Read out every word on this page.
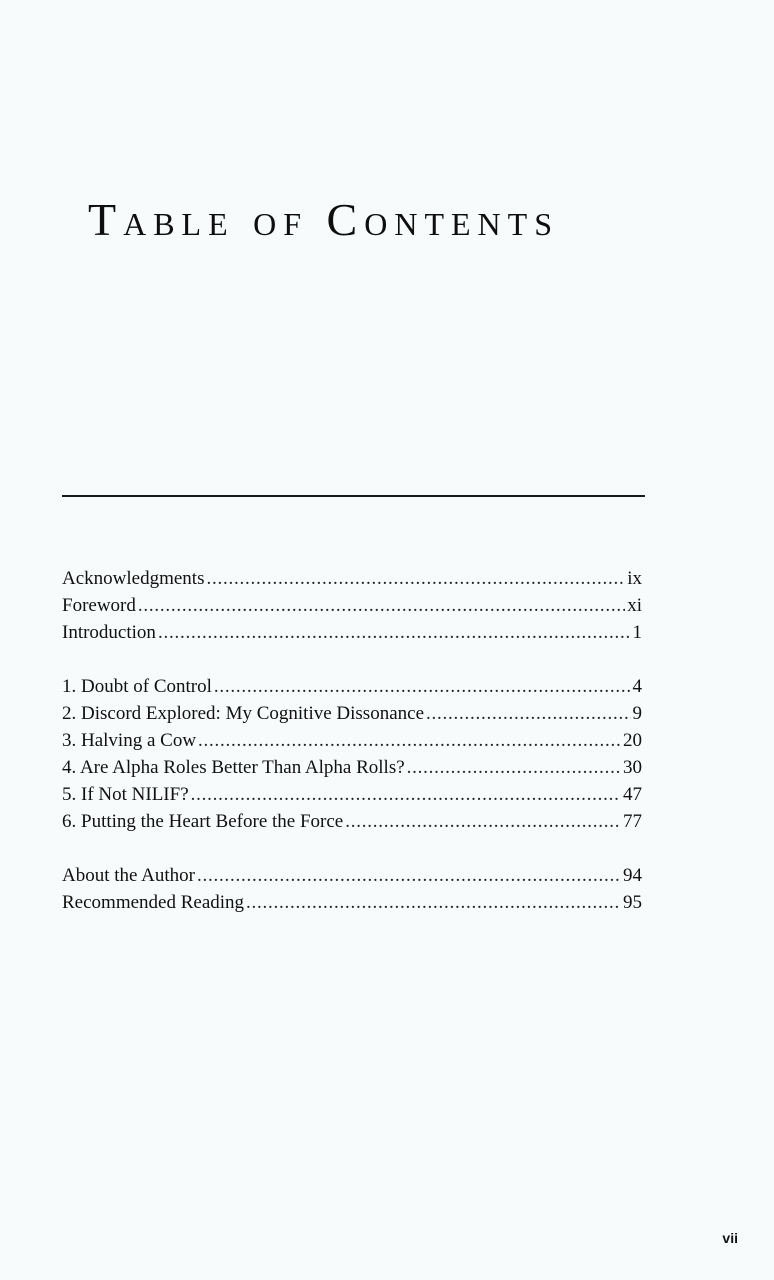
Table of Contents
Acknowledgments . . .	ix
Foreword . . .	xi
Introduction . . .	1
1. Doubt of Control . . .	4
2. Discord Explored: My Cognitive Dissonance . . .	9
3. Halving a Cow . . .	20
4. Are Alpha Roles Better Than Alpha Rolls? . . .	30
5. If Not NILIF? . . .	47
6. Putting the Heart Before the Force . . .	77
About the Author . . .	94
Recommended Reading . . .	95
vii
